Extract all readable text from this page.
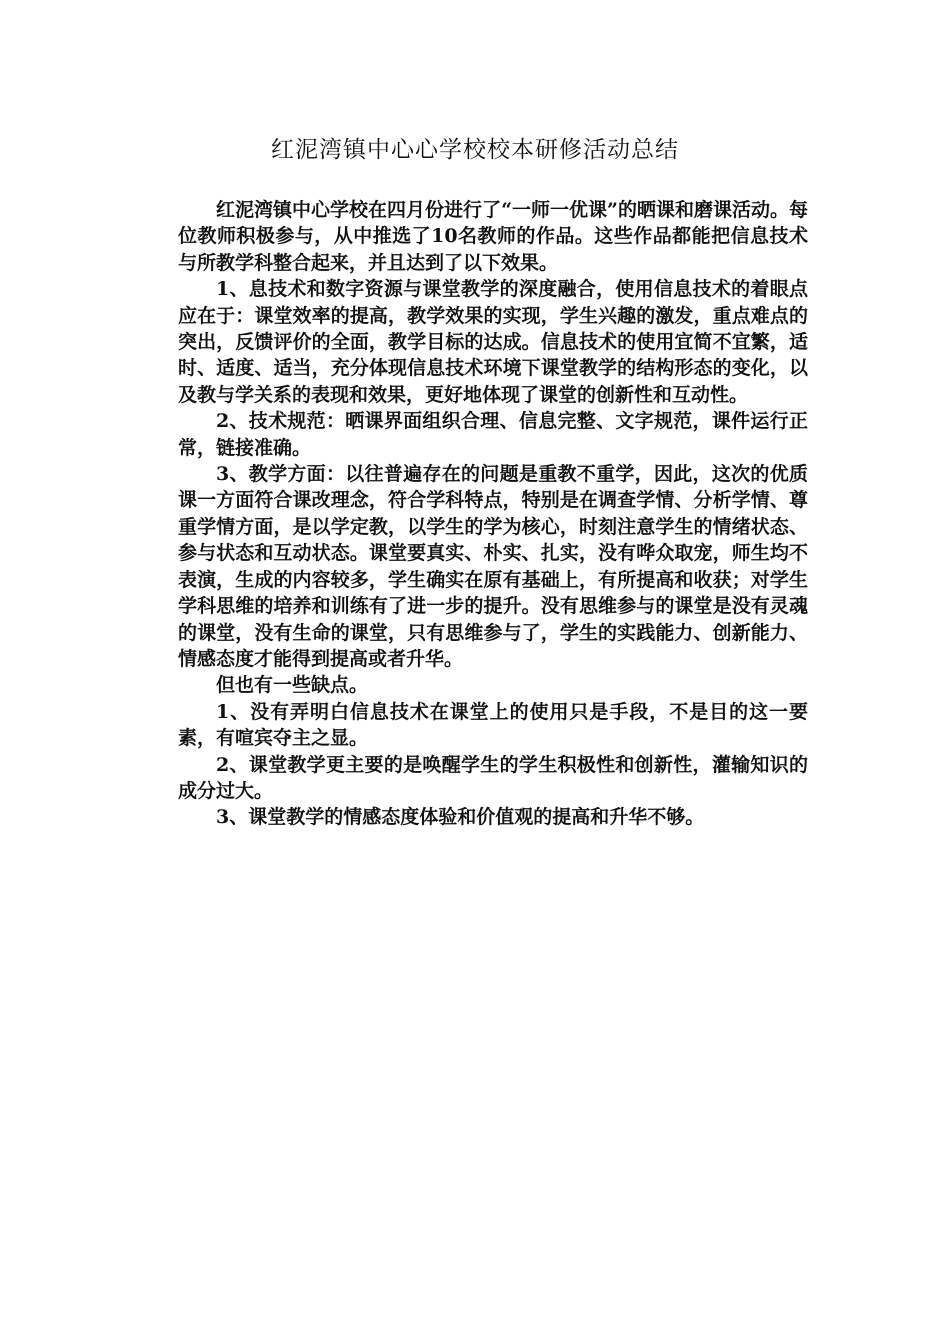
红泥湾镇中心心学校校本研修活动总结

红泥湾镇中心学校在四月份进行了“一师一优课”的晒课和磨课活动。每位教师积极参与，从中推选了10名教师的作品。这些作品都能把信息技术与所教学科整合起来，并且达到了以下效果。

1、息技术和数字资源与课堂教学的深度融合，使用信息技术的着眼点应在于：课堂效率的提高，教学效果的实现，学生兴趣的激发，重点难点的突出，反馈评价的全面，教学目标的达成。信息技术的使用宜简不宜繁，适时、适度、适当，充分体现信息技术环境下课堂教学的结构形态的变化，以及教与学关系的表现和效果，更好地体现了课堂的创新性和互动性。

2、技术规范：晒课界面组织合理、信息完整、文字规范，课件运行正常，链接准确。

3、教学方面：以往普遍存在的问题是重教不重学，因此，这次的优质课一方面符合课改理念，符合学科特点，特别是在调查学情、分析学情、尊重学情方面，是以学定教，以学生的学为核心，时刻注意学生的情绪状态、参与状态和互动状态。课堂要真实、朴实、扎实，没有哗众取宠，师生均不表演，生成的内容较多，学生确实在原有基础上，有所提高和收获；对学生学科思维的培养和训练有了进一步的提升。没有思维参与的课堂是没有灵魂的课堂，没有生命的课堂，只有思维参与了，学生的实践能力、创新能力、情感态度才能得到提高或者升华。

但也有一些缺点。

1、没有弄明白信息技术在课堂上的使用只是手段，不是目的这一要素，有喧宾夺主之显。

2、课堂教学更主要的是唤醒学生的学生积极性和创新性，灌输知识的成分过大。

3、课堂教学的情感态度体验和价值观的提高和升华不够。
